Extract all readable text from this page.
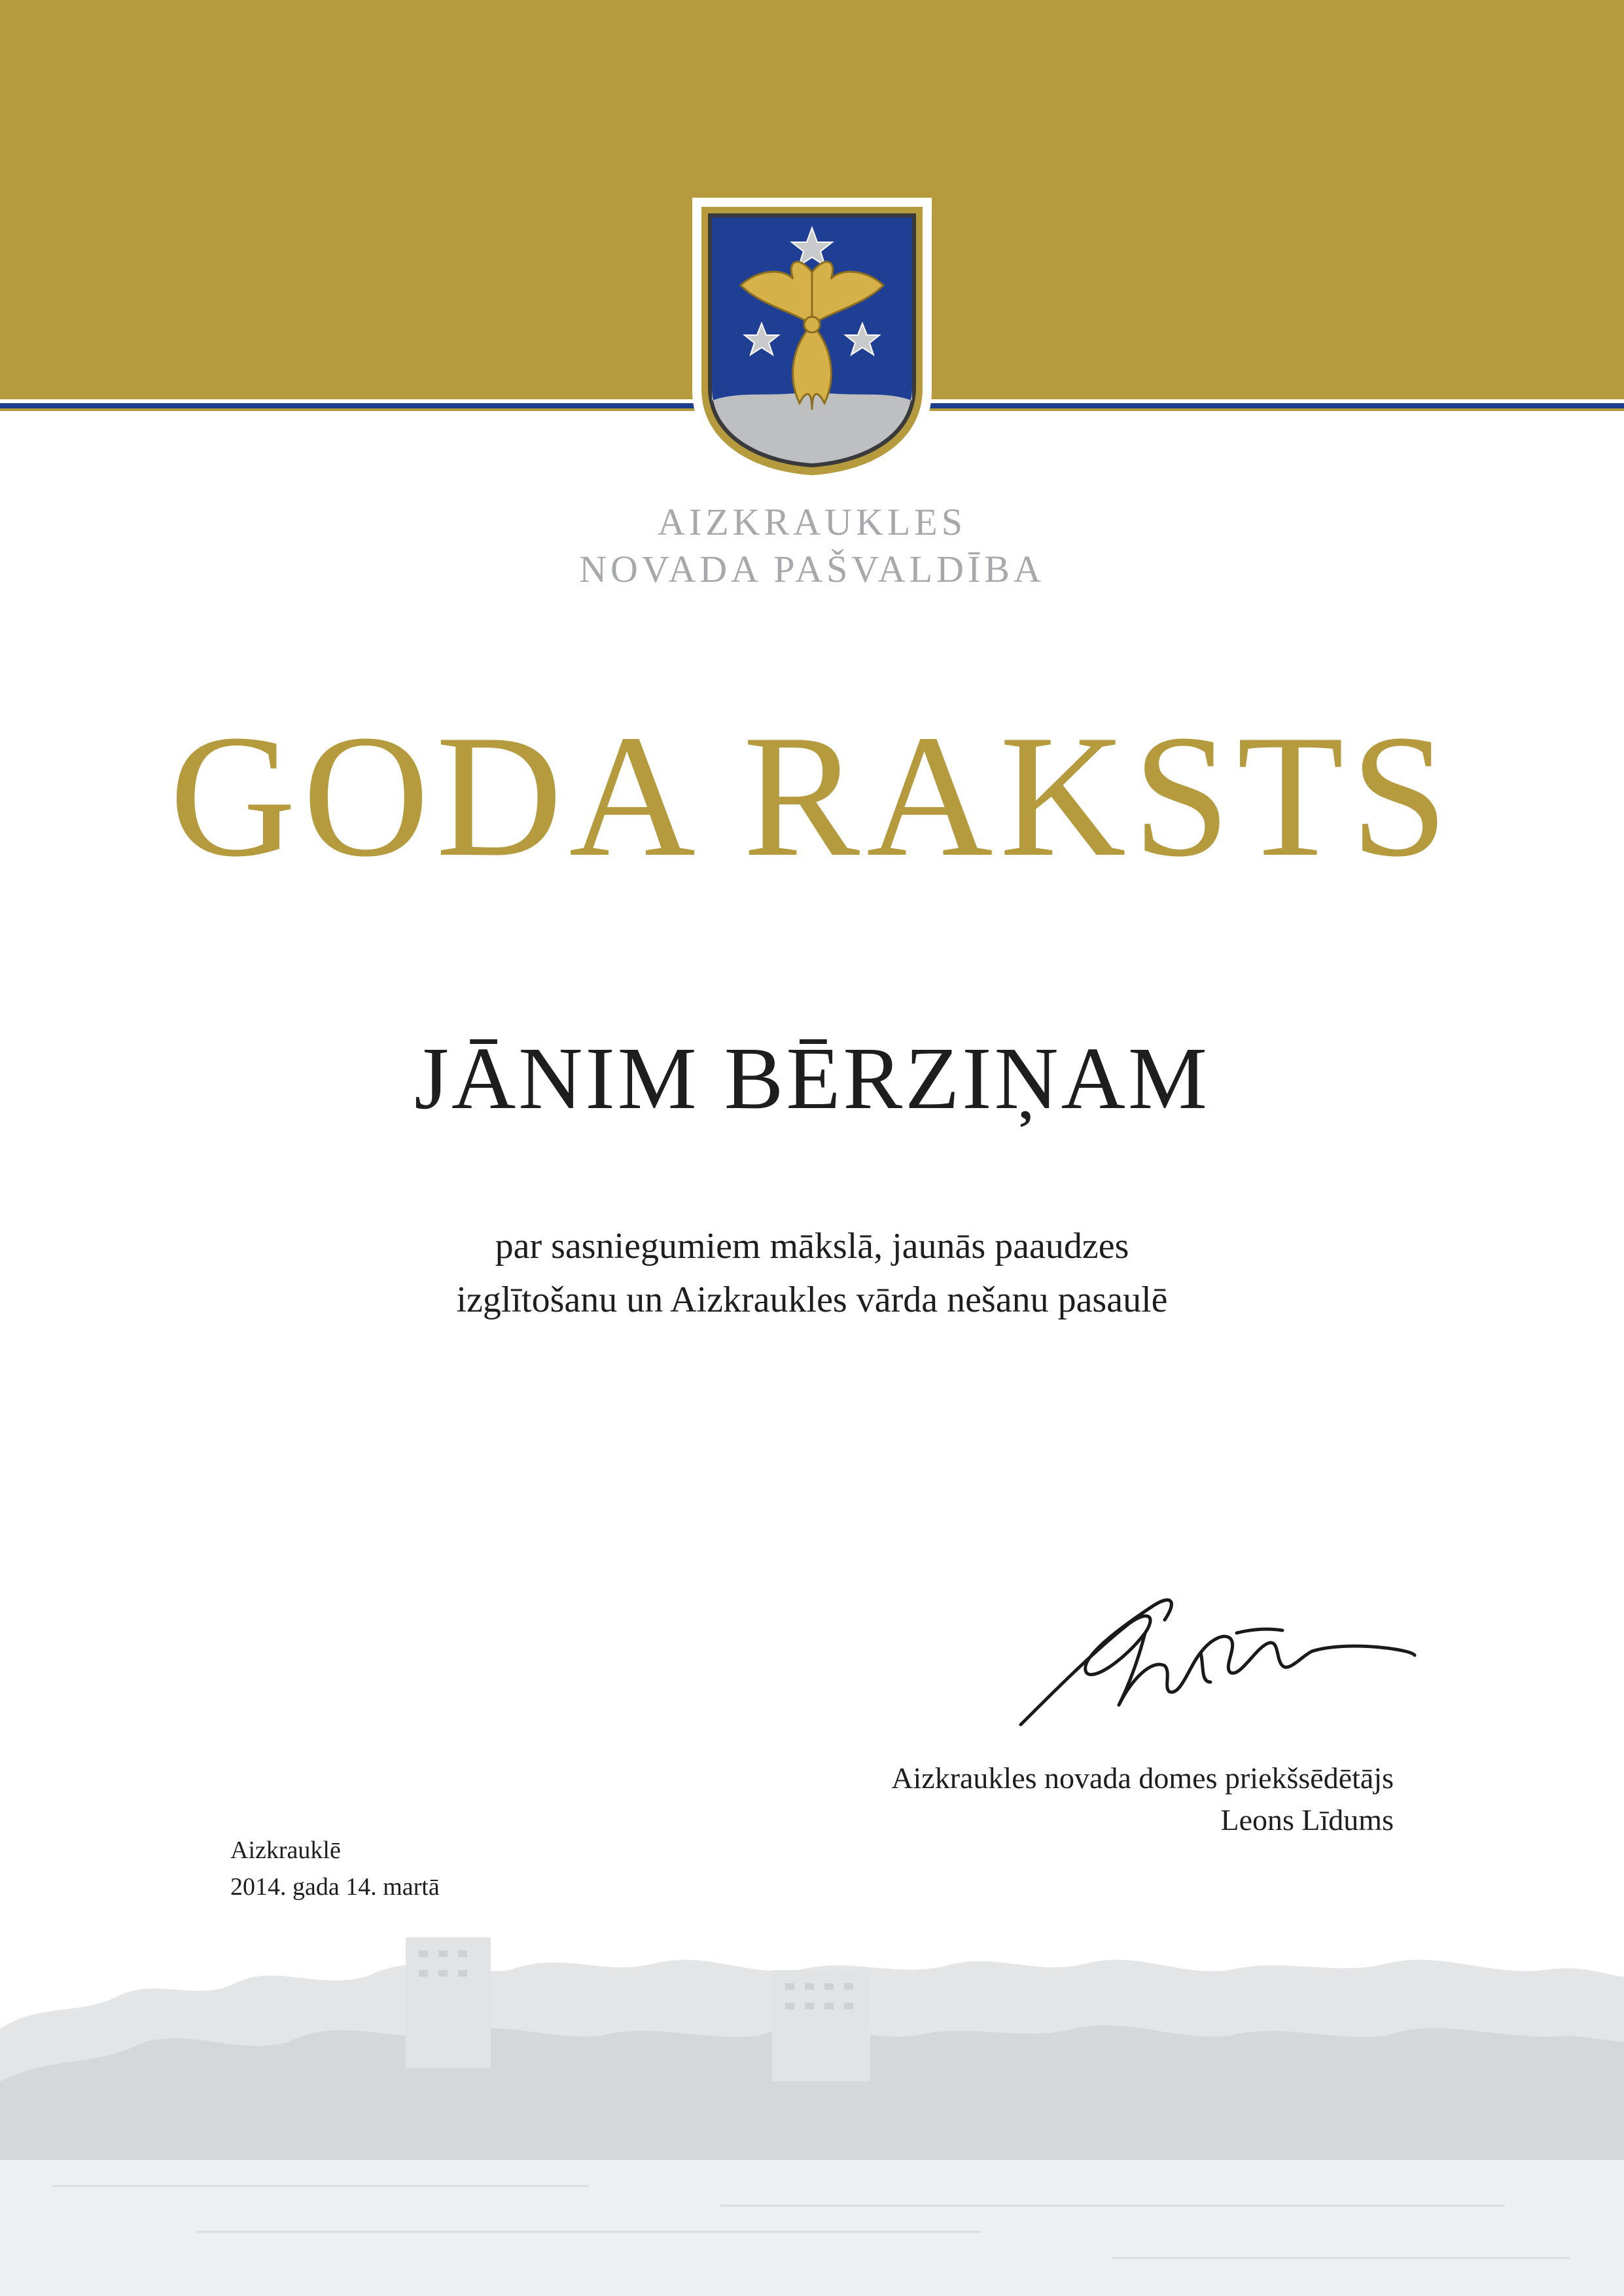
AIZKRAUKLES
NOVADA PAŠVALDĪBA
GODA RAKSTS
JĀNIM BĒRZIŅAM
par sasniegumiem mākslā, jaunās paaudzes
izglītošanu un Aizkraukles vārda nešanu pasaulē
Aizkraukles novada domes priekšsēdētājs
Leons Līdums
Aizkrauklē
2014. gada 14. martā
